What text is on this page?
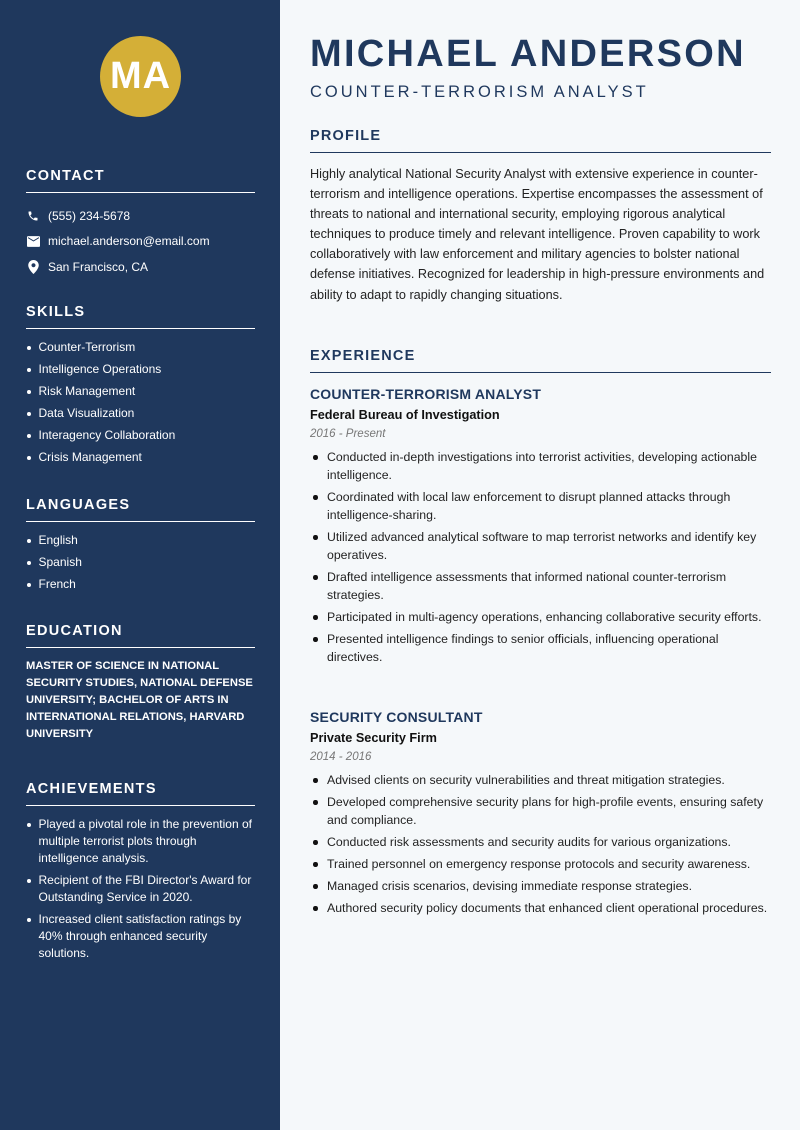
MA
CONTACT
(555) 234-5678
michael.anderson@email.com
San Francisco, CA
SKILLS
Counter-Terrorism
Intelligence Operations
Risk Management
Data Visualization
Interagency Collaboration
Crisis Management
LANGUAGES
English
Spanish
French
EDUCATION

MASTER OF SCIENCE IN NATIONAL SECURITY STUDIES, NATIONAL DEFENSE UNIVERSITY; BACHELOR OF ARTS IN INTERNATIONAL RELATIONS, HARVARD UNIVERSITY

ACHIEVEMENTS
Played a pivotal role in the prevention of multiple terrorist plots through intelligence analysis.
Recipient of the FBI Director's Award for Outstanding Service in 2020.
Increased client satisfaction ratings by 40% through enhanced security solutions.
MICHAEL ANDERSON
COUNTER-TERRORISM ANALYST
PROFILE

Highly analytical National Security Analyst with extensive experience in counter-terrorism and intelligence operations. Expertise encompasses the assessment of threats to national and international security, employing rigorous analytical techniques to produce timely and relevant intelligence. Proven capability to work collaboratively with law enforcement and military agencies to bolster national defense initiatives. Recognized for leadership in high-pressure environments and ability to adapt to rapidly changing situations.

EXPERIENCE
COUNTER-TERRORISM ANALYST
Federal Bureau of Investigation
2016 - Present
Conducted in-depth investigations into terrorist activities, developing actionable intelligence.
Coordinated with local law enforcement to disrupt planned attacks through intelligence-sharing.
Utilized advanced analytical software to map terrorist networks and identify key operatives.
Drafted intelligence assessments that informed national counter-terrorism strategies.
Participated in multi-agency operations, enhancing collaborative security efforts.
Presented intelligence findings to senior officials, influencing operational directives.
SECURITY CONSULTANT
Private Security Firm
2014 - 2016
Advised clients on security vulnerabilities and threat mitigation strategies.
Developed comprehensive security plans for high-profile events, ensuring safety and compliance.
Conducted risk assessments and security audits for various organizations.
Trained personnel on emergency response protocols and security awareness.
Managed crisis scenarios, devising immediate response strategies.
Authored security policy documents that enhanced client operational procedures.
